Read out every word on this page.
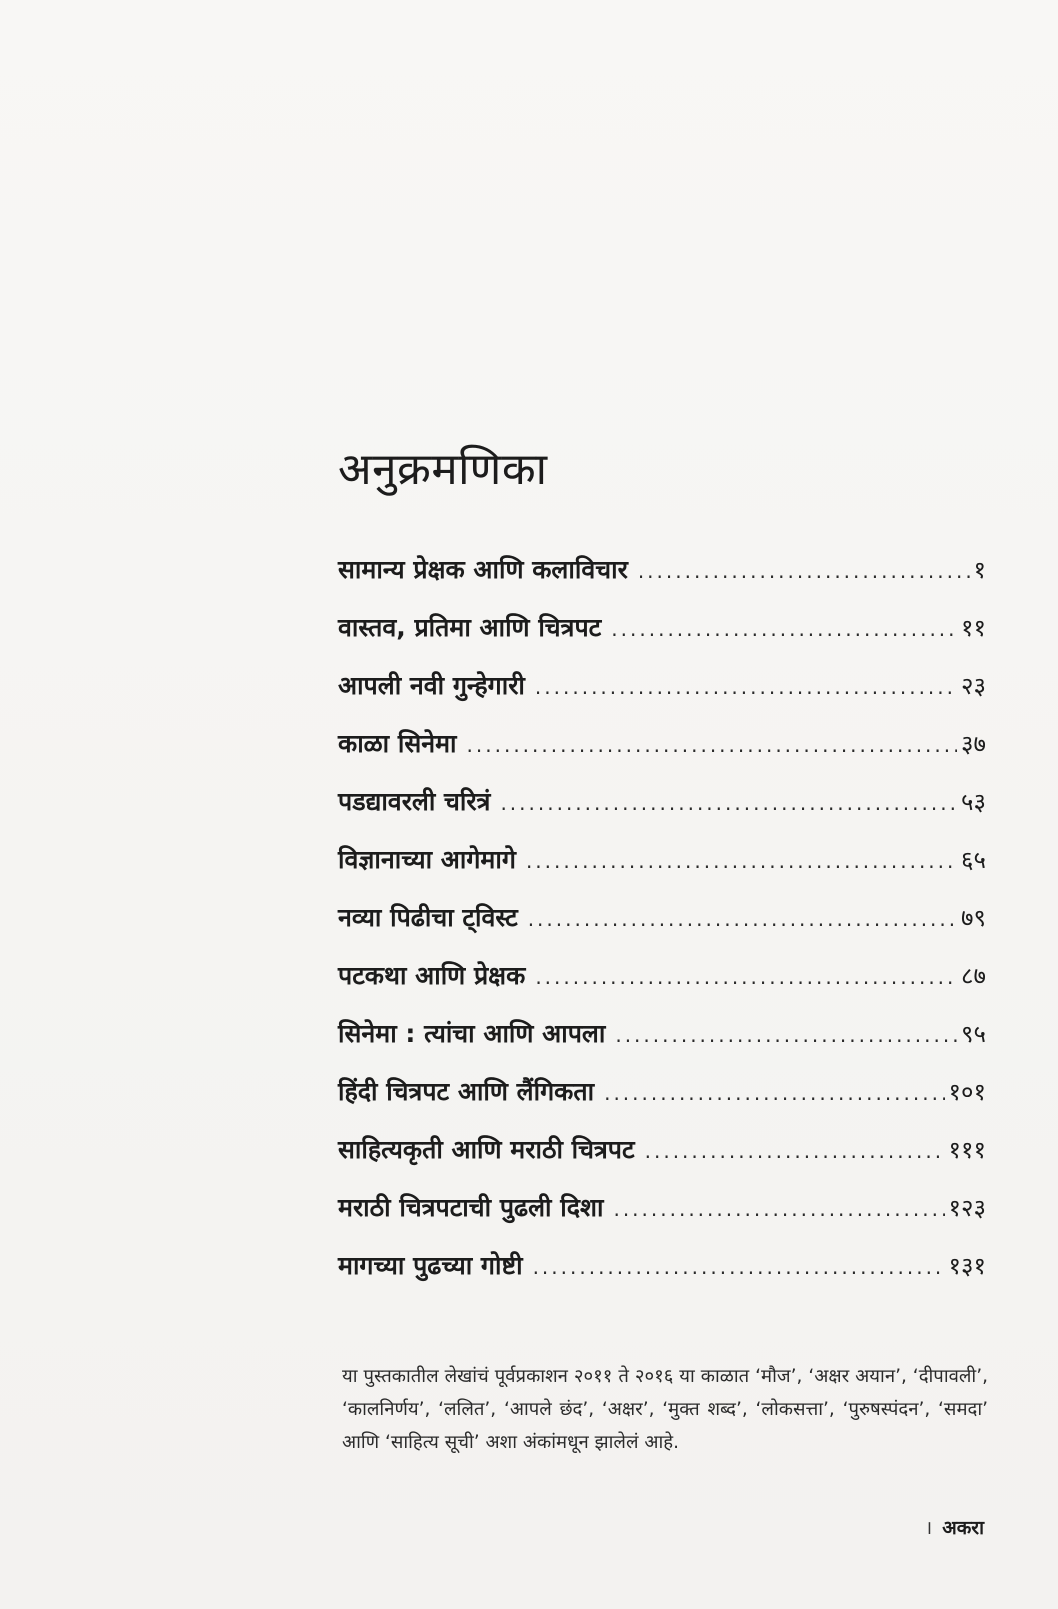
अनुक्रमणिका
सामान्य प्रेक्षक आणि कलाविचार .....	१
वास्तव, प्रतिमा आणि चित्रपट .....	११
आपली नवी गुन्हेगारी .....	२३
काळा सिनेमा .....	३७
पडद्यावरली चरित्रं .....	५३
विज्ञानाच्या आगेमागे .....	६५
नव्या पिढीचा ट्विस्ट .....	७९
पटकथा आणि प्रेक्षक .....	८७
सिनेमा : त्यांचा आणि आपला .....	९५
हिंदी चित्रपट आणि लैंगिकता .....	१०१
साहित्यकृती आणि मराठी चित्रपट .....	१११
मराठी चित्रपटाची पुढली दिशा .....	१२३
मागच्या पुढच्या गोष्टी .....	१३१

या पुस्तकातील लेखांचं पूर्वप्रकाशन २०११ ते २०१६ या काळात ‘मौज’, ‘अक्षर अयान’, ‘दीपावली’, ‘कालनिर्णय’, ‘ललित’, ‘आपले छंद’, ‘अक्षर’, ‘मुक्त शब्द’, ‘लोकसत्ता’, ‘पुरुषस्पंदन’, ‘समदा’ आणि ‘साहित्य सूची’ अशा अंकांमधून झालेलं आहे.

। अकरा
